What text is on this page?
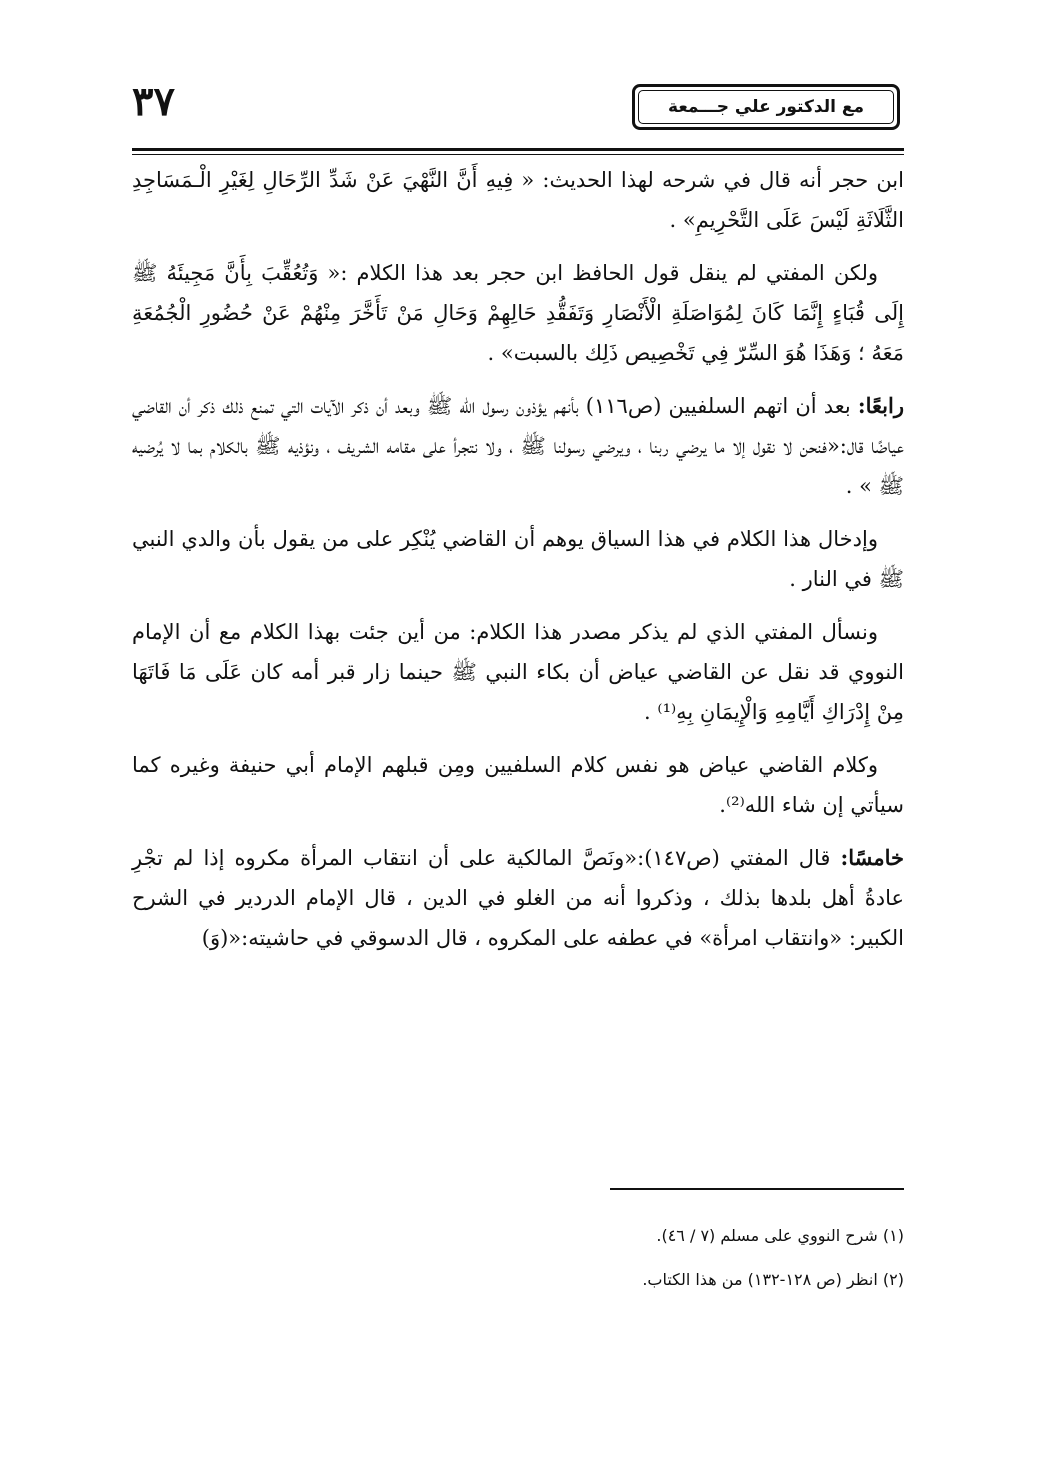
٣٧	مع الدكتور علي جـــمعة

ابن حجر أنه قال في شرحه لهذا الحديث: « فِيهِ أَنَّ النَّهْيَ عَنْ شَدِّ الرِّحَالِ لِغَيْرِ الْـمَسَاجِدِ الثَّلَاثَةِ لَيْسَ عَلَى التَّحْرِيمِ» .

ولكن المفتي لم ينقل قول الحافظ ابن حجر بعد هذا الكلام :« وَتُعُقِّبَ بِأَنَّ مَجِيئَهُ ﷺ إِلَى قُبَاءٍ إِنَّمَا كَانَ لِمُوَاصَلَةِ الْأَنْصَارِ وَتَفَقُّدِ حَالِهِمْ وَحَالِ مَنْ تَأَخَّرَ مِنْهُمْ عَنْ حُضُورِ الْجُمُعَةِ مَعَهُ ؛ وَهَذَا هُوَ السِّرّ فِي تَخْصِيص ذَلِك بالسبت» .

رابعًا: بعد أن اتهم السلفيين (ص١١٦) بأنهم يؤذون رسول الله ﷺ وبعد أن ذكر الآيات التي تمنع ذلك ذكر أن القاضي عياضًا قال:«فنحن لا نقول إلا ما يرضي ربنا ، ويرضي رسولنا ﷺ ، ولا نتجرأ على مقامه الشريف ، ونؤذيه ﷺ بالكلام بما لا يُرضيه ﷺ » .

وإدخال هذا الكلام في هذا السياق يوهم أن القاضي يُنْكِر على من يقول بأن والدي النبي ﷺ في النار .

ونسأل المفتي الذي لم يذكر مصدر هذا الكلام: من أين جئت بهذا الكلام مع أن الإمام النووي قد نقل عن القاضي عياض أن بكاء النبي ﷺ حينما زار قبر أمه كان عَلَى مَا فَاتَهَا مِنْ إِدْرَاكِ أَيَّامِهِ وَالْإِيمَانِ بِهِ⁽¹⁾ .

وكلام القاضي عياض هو نفس كلام السلفيين ومِن قبلهم الإمام أبي حنيفة وغيره كما سيأتي إن شاء الله⁽²⁾.

خامسًا: قال المفتي (ص١٤٧):«ونَصَّ المالكية على أن انتقاب المرأة مكروه إذا لم تجْرِ عادةُ أهل بلدها بذلك ، وذكروا أنه من الغلو في الدين ، قال الإمام الدردير في الشرح الكبير: «وانتقاب امرأة» في عطفه على المكروه ، قال الدسوقي في حاشيته:«(وَ)

(١) شرح النووي على مسلم (٧ / ٤٦).

(٢) انظر (ص ١٢٨-١٣٢) من هذا الكتاب.
